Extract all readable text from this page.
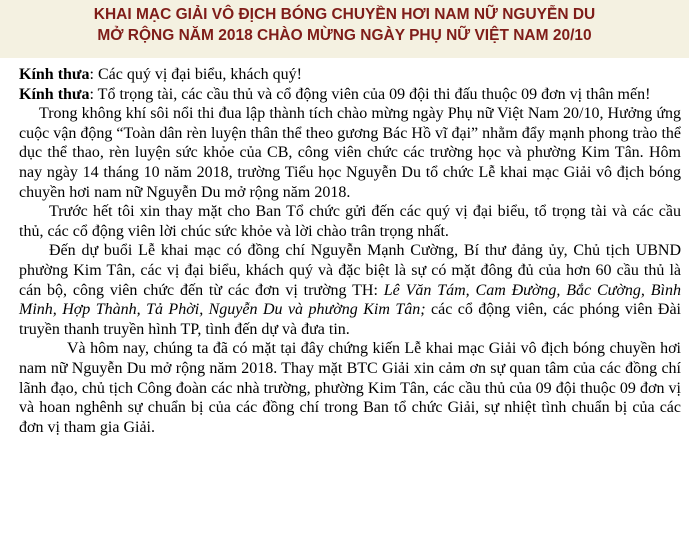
KHAI MẠC GIẢI VÔ ĐỊCH BÓNG CHUYỀN HƠI NAM NỮ NGUYỄN DU
MỞ RỘNG NĂM 2018 CHÀO MỪNG NGÀY PHỤ NỮ VIỆT NAM 20/10

Kính thưa: Các quý vị đại biểu, khách quý!

Kính thưa: Tổ trọng tài, các cầu thủ và cổ động viên của 09 đội thi đấu thuộc 09 đơn vị thân mến!

Trong không khí sôi nổi thi đua lập thành tích chào mừng ngày Phụ nữ Việt Nam 20/10, Hưởng ứng cuộc vận động “Toàn dân rèn luyện thân thể theo gương Bác Hồ vĩ đại” nhằm đẩy mạnh phong trào thể dục thể thao, rèn luyện sức khỏe của CB, công viên chức các trường học và phường Kim Tân. Hôm nay ngày 14 tháng 10 năm 2018, trường Tiểu học Nguyễn Du tổ chức Lễ khai mạc Giải vô địch bóng chuyền hơi nam nữ Nguyễn Du mở rộng năm 2018.

Trước hết tôi xin thay mặt cho Ban Tổ chức gửi đến các quý vị đại biểu, tổ trọng tài và các cầu thủ, các cổ động viên lời chúc sức khỏe và lời chào trân trọng nhất.

Đến dự buổi Lễ khai mạc có đồng chí Nguyễn Mạnh Cường, Bí thư đảng ủy, Chủ tịch UBND phường Kim Tân, các vị đại biểu, khách quý và đặc biệt là sự có mặt đông đủ của hơn 60 cầu thủ là cán bộ, công viên chức đến từ các đơn vị trường TH: Lê Văn Tám, Cam Đường, Bắc Cường, Bình Minh, Hợp Thành, Tả Phời, Nguyễn Du và phường Kim Tân; các cổ động viên, các phóng viên Đài truyền thanh truyền hình TP, tình đến dự và đưa tin.

Và hôm nay, chúng ta đã có mặt tại đây chứng kiến Lễ khai mạc Giải vô địch bóng chuyền hơi nam nữ Nguyễn Du mở rộng năm 2018. Thay mặt BTC Giải xin cảm ơn sự quan tâm của các đồng chí lãnh đạo, chủ tịch Công đoàn các nhà trường, phường Kim Tân, các cầu thủ của 09 đội thuộc 09 đơn vị và hoan nghênh sự chuẩn bị của các đồng chí trong Ban tổ chức Giải, sự nhiệt tình chuẩn bị của các đơn vị tham gia Giải.
